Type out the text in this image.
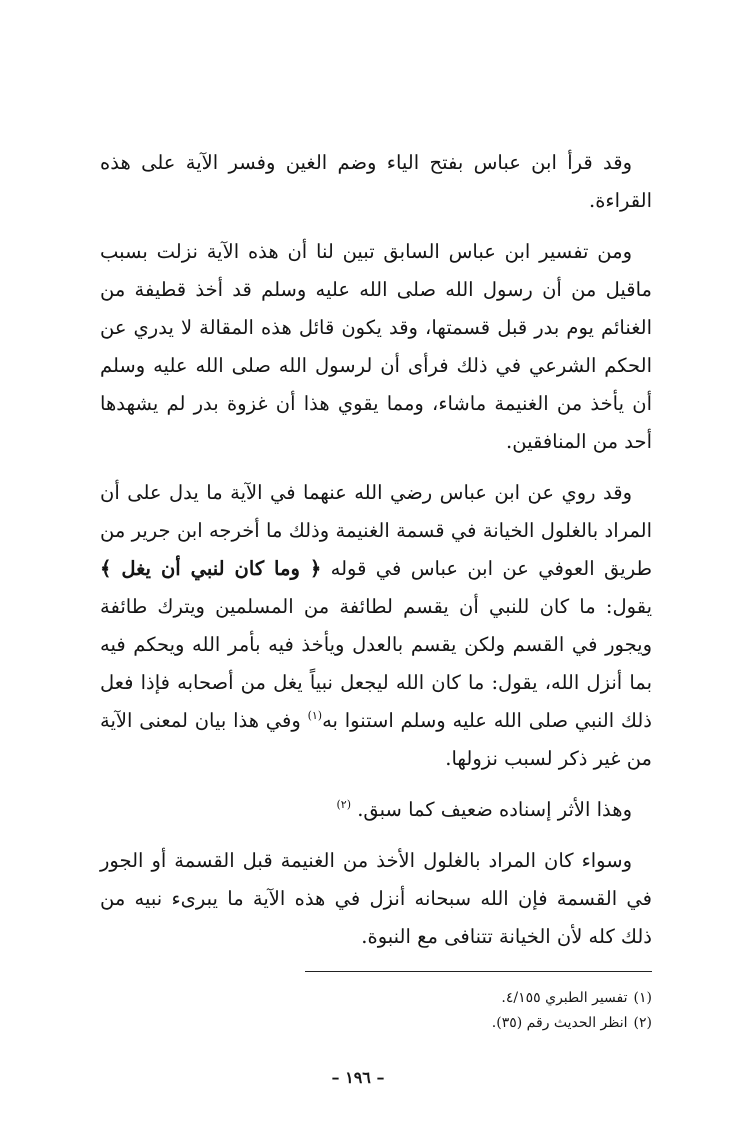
وقد قرأ ابن عباس بفتح الياء وضم الغين وفسر الآية على هذه القراءة.

ومن تفسير ابن عباس السابق تبين لنا أن هذه الآية نزلت بسبب ماقيل من أن رسول الله صلى الله عليه وسلم قد أخذ قطيفة من الغنائم يوم بدر قبل قسمتها، وقد يكون قائل هذه المقالة لا يدري عن الحكم الشرعي في ذلك فرأى أن لرسول الله صلى الله عليه وسلم أن يأخذ من الغنيمة ماشاء، ومما يقوي هذا أن غزوة بدر لم يشهدها أحد من المنافقين.

وقد روي عن ابن عباس رضي الله عنهما في الآية ما يدل على أن المراد بالغلول الخيانة في قسمة الغنيمة وذلك ما أخرجه ابن جرير من طريق العوفي عن ابن عباس في قوله ﴿ وما كان لنبي أن يغل ﴾ يقول: ما كان للنبي أن يقسم لطائفة من المسلمين ويترك طائفة ويجور في القسم ولكن يقسم بالعدل ويأخذ فيه بأمر الله ويحكم فيه بما أنزل الله، يقول: ما كان الله ليجعل نبياً يغل من أصحابه فإذا فعل ذلك النبي صلى الله عليه وسلم استنوا به$^{(١)}$ وفي هذا بيان لمعنى الآية من غير ذكر لسبب نزولها.

وهذا الأثر إسناده ضعيف كما سبق. $^{(٢)}$

وسواء كان المراد بالغلول الأخذ من الغنيمة قبل القسمة أو الجور في القسمة فإن الله سبحانه أنزل في هذه الآية ما يبرىء نبيه من ذلك كله لأن الخيانة تتنافى مع النبوة.

(١)تفسير الطبري ٤/١٥٥.

(٢)انظر الحديث رقم (٣٥).

– ١٩٦ –
